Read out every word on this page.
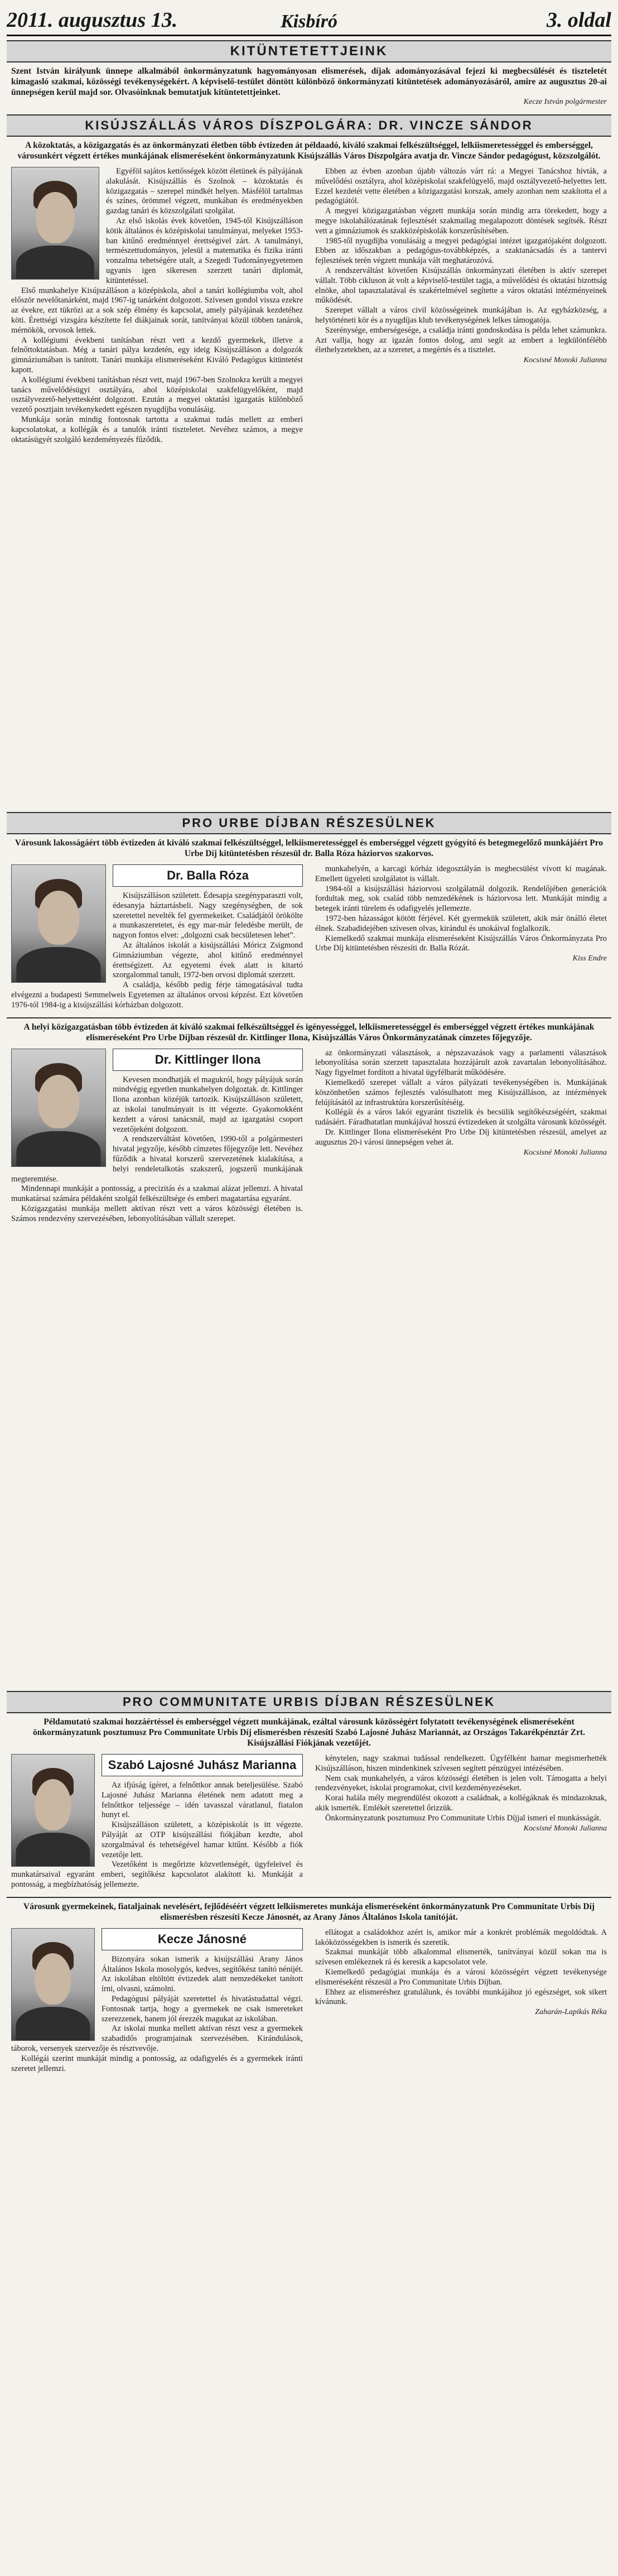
2011. augusztus 13.	Kisbíró	3. oldal
KITÜNTETETTJEINK
Szent István királyunk ünnepe alkalmából önkormányzatunk hagyományosan elismerések, díjak adományozásával fejezi ki megbecsülését és tiszteletét kimagasló szakmai, közösségi tevékenységekért. A képviselő-testület döntött különböző önkormányzati kitüntetések adományozásáról, amire az augusztus 20-ai ünnepségen kerül majd sor. Olvasóinknak bemutatjuk kitüntetettjeinket.
Kecze István polgármester
KISÚJSZÁLLÁS VÁROS DÍSZPOLGÁRA: DR. VINCZE SÁNDOR
A közoktatás, a közigazgatás és az önkormányzati életben több évtizeden át példaadó, kiváló szakmai felkészültséggel, lelkiismeretességgel és emberséggel, városunkért végzett értékes munkájának elismeréseként önkormányzatunk Kisújszállás Város Díszpolgára avatja dr. Vincze Sándor pedagógust, közszolgálót.

Egyéföl sajátos kettősségek között életünek és pályájának alakulását. Kisújszállás és Szolnok – közoktatás és közigazgatás – szerepel mindkét helyen. Másfélöl tartalmas és színes, örömmel végzett, munkában és eredményekben gazdag tanári és közszolgálati szolgálat.

Az első iskolás évek követően, 1945-től Kisújszálláson kötik általános és középiskolai tanulmányai, melyeket 1953-ban kitűnő eredménnyel érettségivel zárt. A tanulmányi, természettudományos, jelesül a matematika és fizika iránti vonzalma tehetségére utalt, a Szegedi Tudományegyetemen ugyanis igen sikeresen szerzett tanári diplomát, kitüntetéssel.

Első munkahelye Kisújszálláson a középiskola, ahol a tanári kollégiumba volt, ahol először nevelőtanárként, majd 1967-ig tanárként dolgozott. Szívesen gondol vissza ezekre az évekre, ezt tükrözi az a sok szép élmény és kapcsolat, amely pályájának kezdetéhez köti. Érettségi vizsgára készítette fel diákjainak sorát, tanítványai közül többen tanárok, mérnökök, orvosok lettek.

A kollégiumi évekbeni tanításban részt vett a kezdő gyermekek, illetve a felnőttoktatásban. Még a tanári pálya kezdetén, egy ideig Kisújszálláson a dolgozók gimnáziumában is tanított. Tanári munkája elismeréseként Kiváló Pedagógus kitüntetést kapott.

A kollégiumi évekbeni tanításban részt vett, majd 1967-ben Szolnokra került a megyei tanács művelődésügyi osztályára, ahol középiskolai szakfelügyelőként, majd osztályvezető-helyettesként dolgozott. Ezután a megyei oktatási igazgatás különböző vezető posztjain tevékenykedett egészen nyugdíjba vonulásáig.

Munkája során mindig fontosnak tartotta a szakmai tudás mellett az emberi kapcsolatokat, a kollégák és a tanulók iránti tiszteletet. Nevéhez számos, a megye oktatásügyét szolgáló kezdeményezés fűződik.

Ebben az évben azonban újabb változás várt rá: a Megyei Tanácshoz hívták, a művelődési osztályra, ahol középiskolai szakfelügyelő, majd osztályvezető-helyettes lett. Ezzel kezdetét vette életében a közigazgatási korszak, amely azonban nem szakította el a pedagógiától.

A megyei közigazgatásban végzett munkája során mindig arra törekedett, hogy a megye iskolahálózatának fejlesztését szakmailag megalapozott döntések segítsék. Részt vett a gimnáziumok és szakközépiskolák korszerűsítésében.

1985-től nyugdíjba vonulásáig a megyei pedagógiai intézet igazgatójaként dolgozott. Ebben az időszakban a pedagógus-továbbképzés, a szaktanácsadás és a tantervi fejlesztések terén végzett munkája vált meghatározóvá.

A rendszerváltást követően Kisújszállás önkormányzati életében is aktív szerepet vállalt. Több cikluson át volt a képviselő-testület tagja, a művelődési és oktatási bizottság elnöke, ahol tapasztalatával és szakértelmével segítette a város oktatási intézményeinek működését.

Szerepet vállalt a város civil közösségeinek munkájában is. Az egyházközség, a helytörténeti kör és a nyugdíjas klub tevékenységének lelkes támogatója.

Szerénysége, emberségesége, a családja iránti gondoskodása is példa lehet számunkra. Azt vallja, hogy az igazán fontos dolog, ami segít az embert a legkülönfélébb élethelyzetekben, az a szeretet, a megértés és a tisztelet.

Kocsisné Monoki Julianna
PRO URBE DÍJBAN RÉSZESÜLNEK
Városunk lakosságáért több évtizeden át kiváló szakmai felkészültséggel, lelkiismeretességgel és emberséggel végzett gyógyító és betegmegelőző munkájáért Pro Urbe Díj kitüntetésben részesül dr. Balla Róza háziorvos szakorvos.
Dr. Balla Róza

Kisújszálláson született. Édesapja szegényparaszti volt, édesanyja háztartásbeli. Nagy szegénységben, de sok szeretettel nevelték fel gyermekeiket. Családjától örökölte a munkaszeretetet, és egy mar-már feledésbe merült, de nagyon fontos elvet: „dolgozni csak becsületesen lehet”.

Az általános iskolát a kisújszállási Móricz Zsigmond Gimnáziumban végezte, ahol kitűnő eredménnyel érettségizett. Az egyetemi évek alatt is kitartó szorgalommal tanult, 1972-ben orvosi diplomát szerzett.

A családja, később pedig férje támogatásával tudta elvégezni a budapesti Semmelweis Egyetemen az általános orvosi képzést. Ezt követően 1976-tól 1984-ig a kisújszállási kórházban dolgozott.

munkahelyén, a karcagi kórház idegosztályán is megbecsülést vívott ki magának. Emellett ügyeleti szolgálatot is vállalt.

1984-től a kisújszállási háziorvosi szolgálatnál dolgozik. Rendelőjében generációk fordultak meg, sok család több nemzedékének is háziorvosa lett. Munkáját mindig a betegek iránti türelem és odafigyelés jellemezte.

1972-ben házasságot kötött férjével. Két gyermekük született, akik már önálló életet élnek. Szabadidejében szívesen olvas, kirándul és unokáival foglalkozik.

Kiemelkedő szakmai munkája elismeréseként Kisújszállás Város Önkormányzata Pro Urbe Díj kitüntetésben részesíti dr. Balla Rózát.

Kiss Endre
A helyi közigazgatásban több évtizeden át kiváló szakmai felkészültséggel és igényességgel, lelkiismeretességgel és emberséggel végzett értékes munkájának elismeréseként Pro Urbe Díjban részesül dr. Kittlinger Ilona, Kisújszállás Város Önkormányzatának címzetes főjegyzője.
Dr. Kittlinger Ilona

Kevesen mondhatják el magukról, hogy pályájuk során mindvégig egyetlen munkahelyen dolgoztak. dr. Kittlinger Ilona azonban közéjük tartozik. Kisújszálláson született, az iskolai tanulmányait is itt végezte. Gyakornokként kezdett a városi tanácsnál, majd az igazgatási csoport vezetőjeként dolgozott.

A rendszerváltást követően, 1990-től a polgármesteri hivatal jegyzője, később címzetes főjegyzője lett. Nevéhez fűződik a hivatal korszerű szervezetének kialakítása, a helyi rendeletalkotás szakszerű, jogszerű munkájának megteremtése.

Mindennapi munkáját a pontosság, a precizitás és a szakmai alázat jellemzi. A hivatal munkatársai számára példaként szolgál felkészültsége és emberi magatartása egyaránt.

Közigazgatási munkája mellett aktívan részt vett a város közösségi életében is. Számos rendezvény szervezésében, lebonyolításában vállalt szerepet.

az önkormányzati választások, a népszavazások vagy a parlamenti választások lebonyolítása során szerzett tapasztalata hozzájárult azok zavartalan lebonyolításához. Nagy figyelmet fordított a hivatal ügyfélbarát működésére.

Kiemelkedő szerepet vállalt a város pályázati tevékenységében is. Munkájának köszönhetően számos fejlesztés valósulhatott meg Kisújszálláson, az intézmények felújításától az infrastruktúra korszerűsítéséig.

Kollégái és a város lakói egyaránt tisztelik és becsülik segítőkészségéért, szakmai tudásáért. Fáradhatatlan munkájával hosszú évtizedeken át szolgálta városunk közösségét.

Dr. Kittlinger Ilona elismeréseként Pro Urbe Díj kitüntetésben részesül, amelyet az augusztus 20-i városi ünnepségen vehet át.

Kocsisné Monoki Julianna
PRO COMMUNITATE URBIS DÍJBAN RÉSZESÜLNEK
Példamutató szakmai hozzáértéssel és emberséggel végzett munkájának, ezáltal városunk közösségért folytatott tevékenységének elismeréseként önkormányzatunk posztumusz Pro Communitate Urbis Díj elismerésben részesíti Szabó Lajosné Juhász Mariannát, az Országos Takarékpénztár Zrt. Kisújszállási Fiókjának vezetőjét.
Szabó Lajosné Juhász Marianna

Az ifjúság ígéret, a felnőttkor annak beteljesülése. Szabó Lajosné Juhász Marianna életének nem adatott meg a felnőttkor teljessége – idén tavasszal váratlanul, fiatalon hunyt el.

Kisújszálláson született, a középiskolát is itt végezte. Pályáját az OTP kisújszállási fiókjában kezdte, ahol szorgalmával és tehetségével hamar kitűnt. Később a fiók vezetője lett.

Vezetőként is megőrizte közvetlenségét, ügyfeleivel és munkatársaival egyaránt emberi, segítőkész kapcsolatot alakított ki. Munkáját a pontosság, a megbízhatóság jellemezte.

kénytelen, nagy szakmai tudással rendelkezett. Ügyfélként hamar megismerhették Kisújszálláson, hiszen mindenkinek szívesen segített pénzügyei intézésében.

Nem csak munkahelyén, a város közösségi életében is jelen volt. Támogatta a helyi rendezvényeket, iskolai programokat, civil kezdeményezéseket.

Korai halála mély megrendülést okozott a családnak, a kollégáknak és mindazoknak, akik ismerték. Emlékét szeretettel őrizzük.

Önkormányzatunk posztumusz Pro Communitate Urbis Díjjal ismeri el munkásságát.

Kocsisné Monoki Julianna
Városunk gyermekeinek, fiataljainak nevelésért, fejlődéséért végzett lelkiismeretes munkája elismeréseként önkormányzatunk Pro Communitate Urbis Díj elismerésben részesíti Kecze Jánosnét, az Arany János Általános Iskola tanítóját.
Kecze Jánosné

Bizonyára sokan ismerik a kisújszállási Arany János Általános Iskola mosolygós, kedves, segítőkész tanító nénijét. Az iskolában eltöltött évtizedek alatt nemzedékeket tanított írni, olvasni, számolni.

Pedagógusi pályáját szeretettel és hivatástudattal végzi. Fontosnak tartja, hogy a gyermekek ne csak ismereteket szerezzenek, hanem jól érezzék magukat az iskolában.

Az iskolai munka mellett aktívan részt vesz a gyermekek szabadidős programjainak szervezésében. Kirándulások, táborok, versenyek szervezője és résztvevője.

Kollégái szerint munkáját mindig a pontosság, az odafigyelés és a gyermekek iránti szeretet jellemzi.

ellátogat a családokhoz azért is, amikor már a konkrét problémák megoldódtak. A lakóközösségekben is ismerik és szeretik.

Szakmai munkáját több alkalommal elismerték, tanítványai közül sokan ma is szívesen emlékeznek rá és keresik a kapcsolatot vele.

Kiemelkedő pedagógiai munkája és a városi közösségért végzett tevékenysége elismeréseként részesül a Pro Communitate Urbis Díjban.

Ehhez az elismeréshez gratulálunk, és további munkájához jó egészséget, sok sikert kívánunk.

Zaharán-Lapikás Réka
